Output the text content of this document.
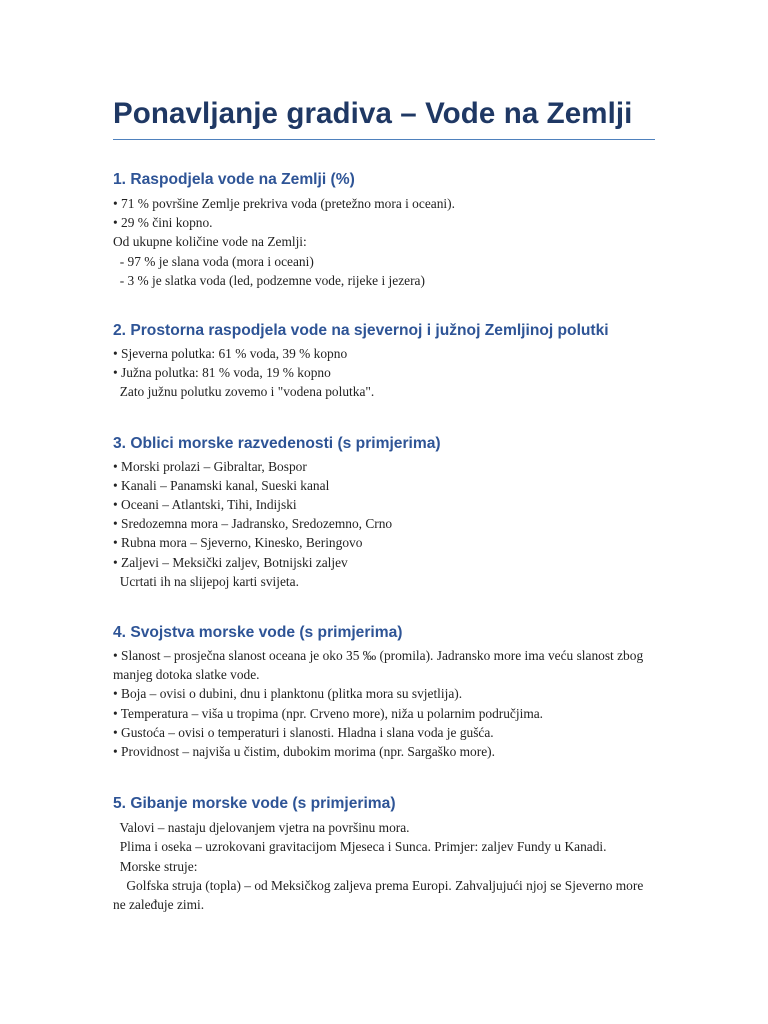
Ponavljanje gradiva – Vode na Zemlji
1. Raspodjela vode na Zemlji (%)

• 71 % površine Zemlje prekriva voda (pretežno mora i oceani).

• 29 % čini kopno.

Od ukupne količine vode na Zemlji:

- 97 % je slana voda (mora i oceani)

- 3 % je slatka voda (led, podzemne vode, rijeke i jezera)

2. Prostorna raspodjela vode na sjevernoj i južnoj Zemljinoj polutki

• Sjeverna polutka: 61 % voda, 39 % kopno

• Južna polutka: 81 % voda, 19 % kopno

Zato južnu polutku zovemo i "vodena polutka".

3. Oblici morske razvedenosti (s primjerima)

• Morski prolazi – Gibraltar, Bospor

• Kanali – Panamski kanal, Sueski kanal

• Oceani – Atlantski, Tihi, Indijski

• Sredozemna mora – Jadransko, Sredozemno, Crno

• Rubna mora – Sjeverno, Kinesko, Beringovo

• Zaljevi – Meksički zaljev, Botnijski zaljev

Ucrtati ih na slijepoj karti svijeta.

4. Svojstva morske vode (s primjerima)

• Slanost – prosječna slanost oceana je oko 35 ‰ (promila). Jadransko more ima veću slanost zbog manjeg dotoka slatke vode.

• Boja – ovisi o dubini, dnu i planktonu (plitka mora su svjetlija).

• Temperatura – viša u tropima (npr. Crveno more), niža u polarnim područjima.

• Gustoća – ovisi o temperaturi i slanosti. Hladna i slana voda je gušća.

• Providnost – najviša u čistim, dubokim morima (npr. Sargaško more).

5. Gibanje morske vode (s primjerima)

Valovi – nastaju djelovanjem vjetra na površinu mora.

Plima i oseka – uzrokovani gravitacijom Mjeseca i Sunca. Primjer: zaljev Fundy u Kanadi.

Morske struje:

Golfska struja (topla) – od Meksičkog zaljeva prema Europi. Zahvaljujući njoj se Sjeverno more ne zaleđuje zimi.
